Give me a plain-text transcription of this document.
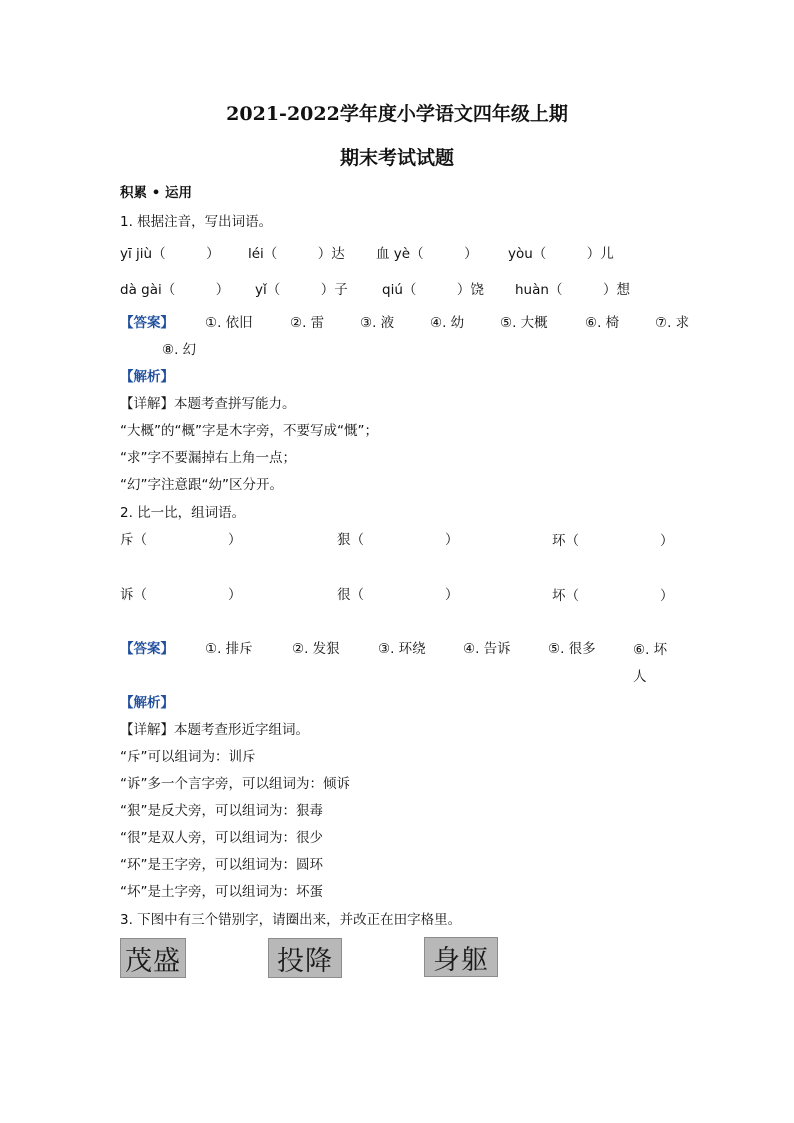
2021-2022学年度小学语文四年级上期
期末考试试题
积累 • 运用
1. 根据注音，写出词语。
yī jiù（　　　） léi（　　　）达 血 yè（　　　） yòu（　　　）儿
dà gài（　　　） yǐ（　　　）子	qiú（　　　）饶 huàn（　　　）想
【答案】 ①. 依旧	②. 雷	③. 液	④. 幼	⑤. 大概	⑥. 椅	⑦. 求
⑧. 幻
【解析】
【详解】本题考查拼写能力。
“大概”的“概”字是木字旁，不要写成“慨”；
“求”字不要漏掉右上角一点；
“幻”字注意跟“幼”区分开。
2. 比一比，组词语。
斥（　　　　　　）	狠（　　　　　　）	环（　　　　　　）
诉（　　　　　　）	很（　　　　　　）	坏（　　　　　　）
【答案】 ①. 排斥	②. 发狠	③. 环绕	④. 告诉	⑤. 很多	⑥. 坏人
【解析】
【详解】本题考查形近字组词。
“斥”可以组词为：训斥
“诉”多一个言字旁，可以组词为：倾诉
“狠”是反犬旁，可以组词为：狠毒
“很”是双人旁，可以组词为：很少
“环”是王字旁，可以组词为：圆环
“坏”是土字旁，可以组词为：坏蛋
3. 下图中有三个错别字，请圈出来，并改正在田字格里。
茂盛	投降	身躯
